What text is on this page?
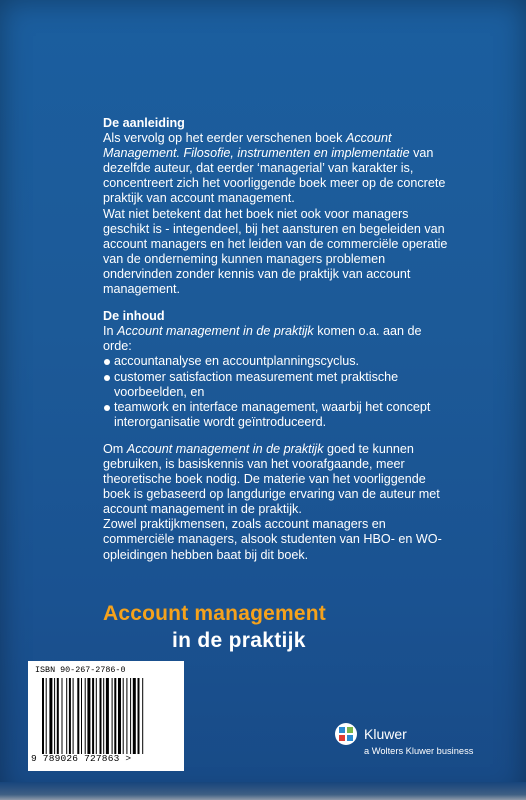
De aanleiding

Als vervolg op het eerder verschenen boek Account Management. Filosofie, instrumenten en implementatie van dezelfde auteur, dat eerder ‘managerial’ van karakter is, concentreert zich het voorliggende boek meer op de concrete praktijk van account management.

Wat niet betekent dat het boek niet ook voor managers geschikt is - integendeel, bij het aansturen en begeleiden van account managers en het leiden van de commerciële operatie van de onderneming kunnen managers problemen ondervinden zonder kennis van de praktijk van account management.

De inhoud

In Account management in de praktijk komen o.a. aan de orde:

accountanalyse en accountplanningscyclus.
customer satisfaction measurement met praktische voorbeelden, en
teamwork en interface management, waarbij het concept interorganisatie wordt geïntroduceerd.

Om Account management in de praktijk goed te kunnen gebruiken, is basiskennis van het voorafgaande, meer theoretische boek nodig. De materie van het voorliggende boek is gebaseerd op langdurige ervaring van de auteur met account management in de praktijk.

Zowel praktijkmensen, zoals account managers en commerciële managers, alsook studenten van HBO- en WO-opleidingen hebben baat bij dit boek.

Account management
in de praktijk
ISBN 90-267-2786-0
9 789026 727863 >
Kluwer
a Wolters Kluwer business
